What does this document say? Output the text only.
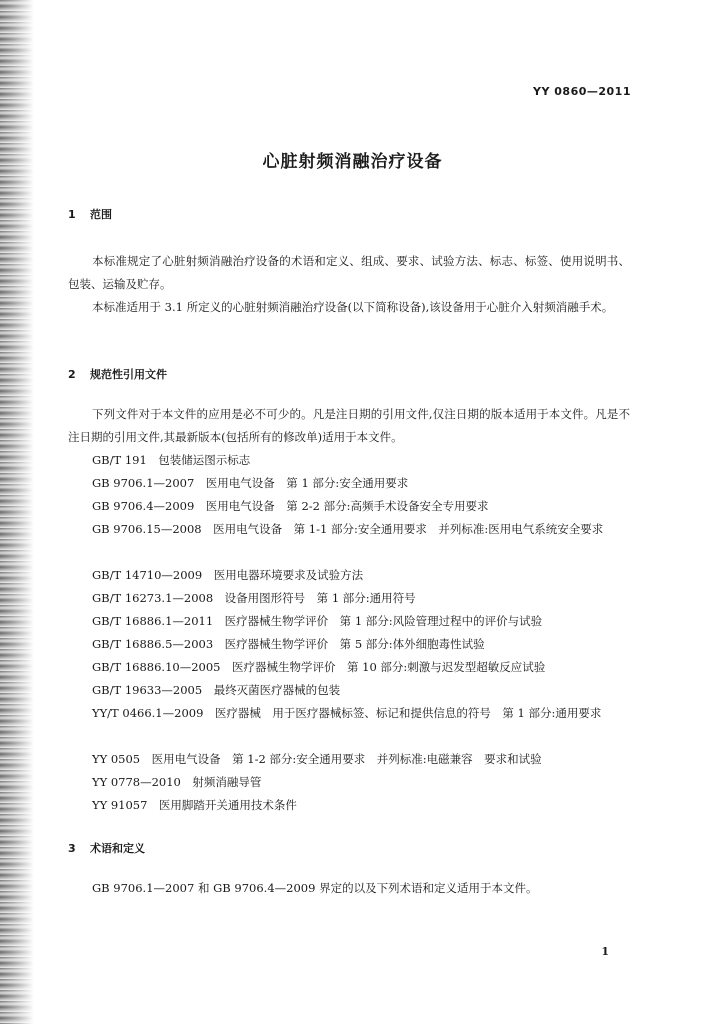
YY 0860—2011
心脏射频消融治疗设备
1 范围
本标准规定了心脏射频消融治疗设备的术语和定义、组成、要求、试验方法、标志、标签、使用说明书、包装、运输及贮存。
本标准适用于 3.1 所定义的心脏射频消融治疗设备(以下简称设备),该设备用于心脏介入射频消融手术。
2 规范性引用文件
下列文件对于本文件的应用是必不可少的。凡是注日期的引用文件,仅注日期的版本适用于本文件。凡是不注日期的引用文件,其最新版本(包括所有的修改单)适用于本文件。
GB/T 191　包装储运图示标志
GB 9706.1—2007　医用电气设备　第 1 部分:安全通用要求
GB 9706.4—2009　医用电气设备　第 2-2 部分:高频手术设备安全专用要求
GB 9706.15—2008　医用电气设备　第 1-1 部分:安全通用要求　并列标准:医用电气系统安全要求
GB/T 14710—2009　医用电器环境要求及试验方法
GB/T 16273.1—2008　设备用图形符号　第 1 部分:通用符号
GB/T 16886.1—2011　医疗器械生物学评价　第 1 部分:风险管理过程中的评价与试验
GB/T 16886.5—2003　医疗器械生物学评价　第 5 部分:体外细胞毒性试验
GB/T 16886.10—2005　医疗器械生物学评价　第 10 部分:刺激与迟发型超敏反应试验
GB/T 19633—2005　最终灭菌医疗器械的包装
YY/T 0466.1—2009　医疗器械　用于医疗器械标签、标记和提供信息的符号　第 1 部分:通用要求
YY 0505　医用电气设备　第 1-2 部分:安全通用要求　并列标准:电磁兼容　要求和试验
YY 0778—2010　射频消融导管
YY 91057　医用脚踏开关通用技术条件
3 术语和定义
GB 9706.1—2007 和 GB 9706.4—2009 界定的以及下列术语和定义适用于本文件。
1
